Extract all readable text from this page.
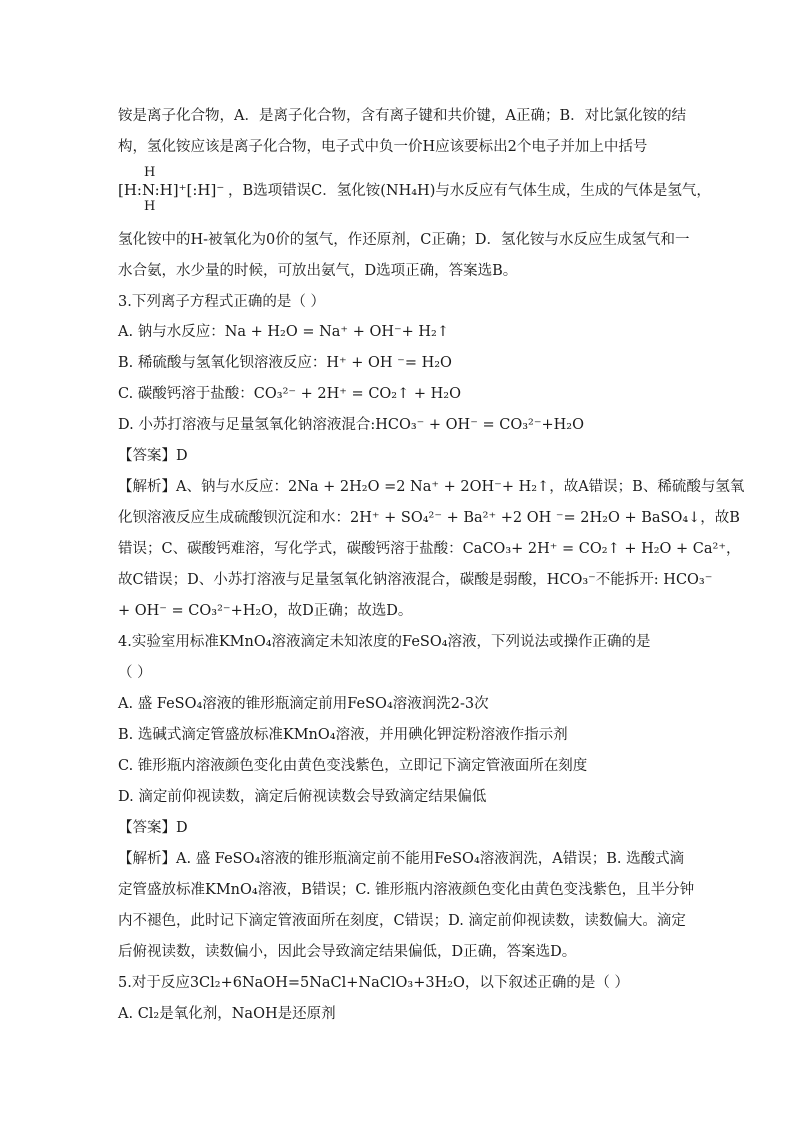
铵是离子化合物，A．是离子化合物，含有离子键和共价键，A正确；B．对比氯化铵的结
构，氢化铵应该是离子化合物，电子式中负一价H应该要标出2个电子并加上中括号
H
[H:N:H]⁺[:H]⁻
H
，B选项错误C．氢化铵(NH₄H)与水反应有气体生成，生成的气体是氢气，
氢化铵中的H-被氧化为0价的氢气，作还原剂，C正确；D．氢化铵与水反应生成氢气和一
水合氨，水少量的时候，可放出氨气，D选项正确，答案选B。
3.下列离子方程式正确的是（ ）
A. 钠与水反应：Na + H₂O = Na⁺ + OH⁻+ H₂↑
B. 稀硫酸与氢氧化钡溶液反应：H⁺ + OH ⁻= H₂O
C. 碳酸钙溶于盐酸：CO₃²⁻ + 2H⁺ = CO₂↑ + H₂O
D. 小苏打溶液与足量氢氧化钠溶液混合:HCO₃⁻ + OH⁻ = CO₃²⁻+H₂O
【答案】D
【解析】A、钠与水反应：2Na + 2H₂O =2 Na⁺ + 2OH⁻+ H₂↑，故A错误；B、稀硫酸与氢氧
化钡溶液反应生成硫酸钡沉淀和水：2H⁺ + SO₄²⁻ + Ba²⁺ +2 OH ⁻= 2H₂O + BaSO₄↓，故B
错误；C、碳酸钙难溶，写化学式，碳酸钙溶于盐酸：CaCO₃+ 2H⁺ = CO₂↑ + H₂O + Ca²⁺，
故C错误；D、小苏打溶液与足量氢氧化钠溶液混合，碳酸是弱酸，HCO₃⁻不能拆开: HCO₃⁻
+ OH⁻ = CO₃²⁻+H₂O，故D正确；故选D。
4.实验室用标准KMnO₄溶液滴定未知浓度的FeSO₄溶液，下列说法或操作正确的是
（ ）
A. 盛 FeSO₄溶液的锥形瓶滴定前用FeSO₄溶液润洗2-3次
B. 选碱式滴定管盛放标准KMnO₄溶液，并用碘化钾淀粉溶液作指示剂
C. 锥形瓶内溶液颜色变化由黄色变浅紫色，立即记下滴定管液面所在刻度
D. 滴定前仰视读数，滴定后俯视读数会导致滴定结果偏低
【答案】D
【解析】A. 盛 FeSO₄溶液的锥形瓶滴定前不能用FeSO₄溶液润洗，A错误；B. 选酸式滴
定管盛放标准KMnO₄溶液，B错误；C. 锥形瓶内溶液颜色变化由黄色变浅紫色，且半分钟
内不褪色，此时记下滴定管液面所在刻度，C错误；D. 滴定前仰视读数，读数偏大。滴定
后俯视读数，读数偏小，因此会导致滴定结果偏低，D正确，答案选D。
5.对于反应3Cl₂+6NaOH=5NaCl+NaClO₃+3H₂O，以下叙述正确的是（ ）
A. Cl₂是氧化剂，NaOH是还原剂
